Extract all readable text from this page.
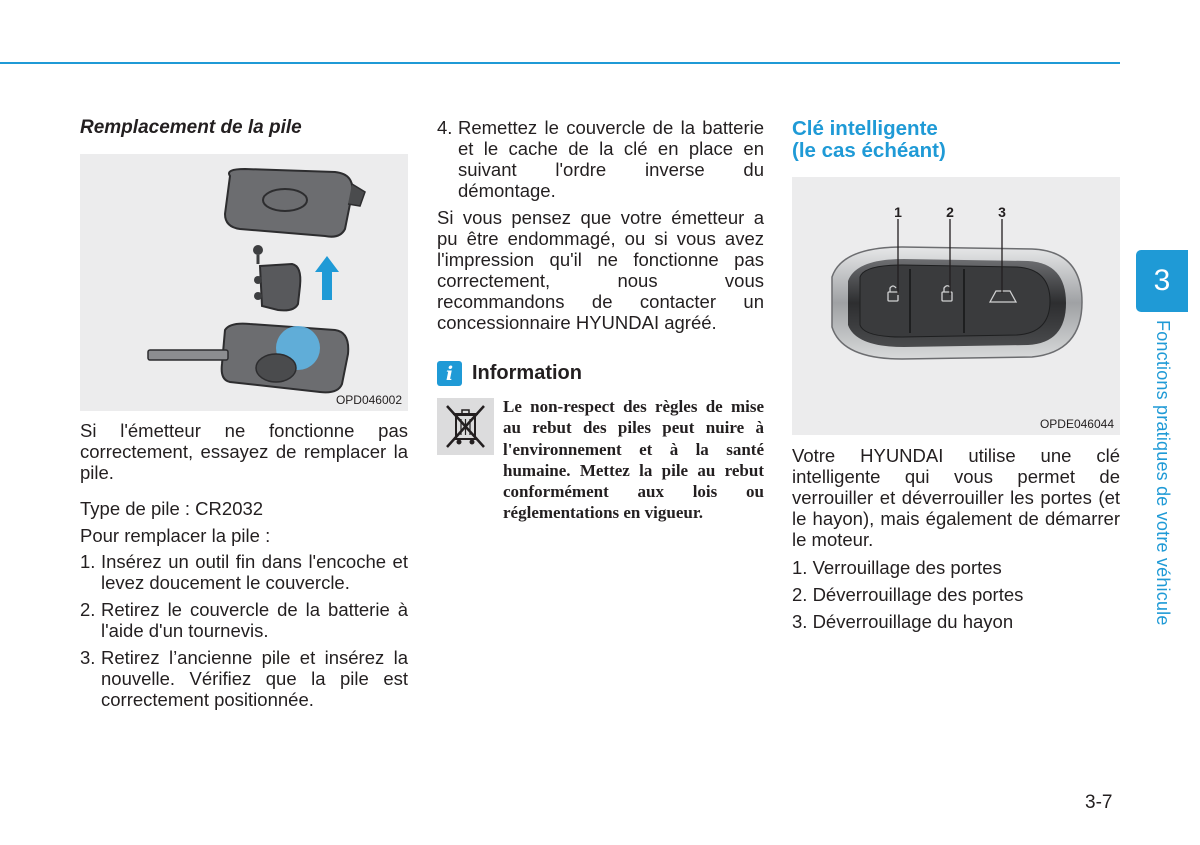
Remplacement de la pile
OPD046002
Si l'émetteur ne fonctionne pas correctement, essayez de remplacer la pile.
Type de pile : CR2032
Pour remplacer la pile :
1. Insérez un outil fin dans l'encoche et levez doucement le couvercle.
2. Retirez le couvercle de la batterie à l'aide d'un tournevis.
3. Retirez l’ancienne pile et insérez la nouvelle. Vérifiez que la pile est correctement positionnée.
4. Remettez le couvercle de la batterie et le cache de la clé en place en suivant l'ordre inverse du démontage.
Si vous pensez que votre émetteur a pu être endommagé, ou si vous avez l'impression qu'il ne fonctionne pas correctement, nous vous recommandons de contacter un concessionnaire HYUNDAI agréé.
i Information
Le non-respect des règles de mise au rebut des piles peut nuire à l'environnement et à la santé humaine. Mettez la pile au rebut conformément aux lois ou réglementations en vigueur.
Clé intelligente
(le cas échéant)
1	2	3
OPDE046044
Votre HYUNDAI utilise une clé intelligente qui vous permet de verrouiller et déverrouiller les portes (et le hayon), mais également de démarrer le moteur.
1. Verrouillage des portes
2. Déverrouillage des portes
3. Déverrouillage du hayon
3
Fonctions pratiques de votre véhicule
3-7
